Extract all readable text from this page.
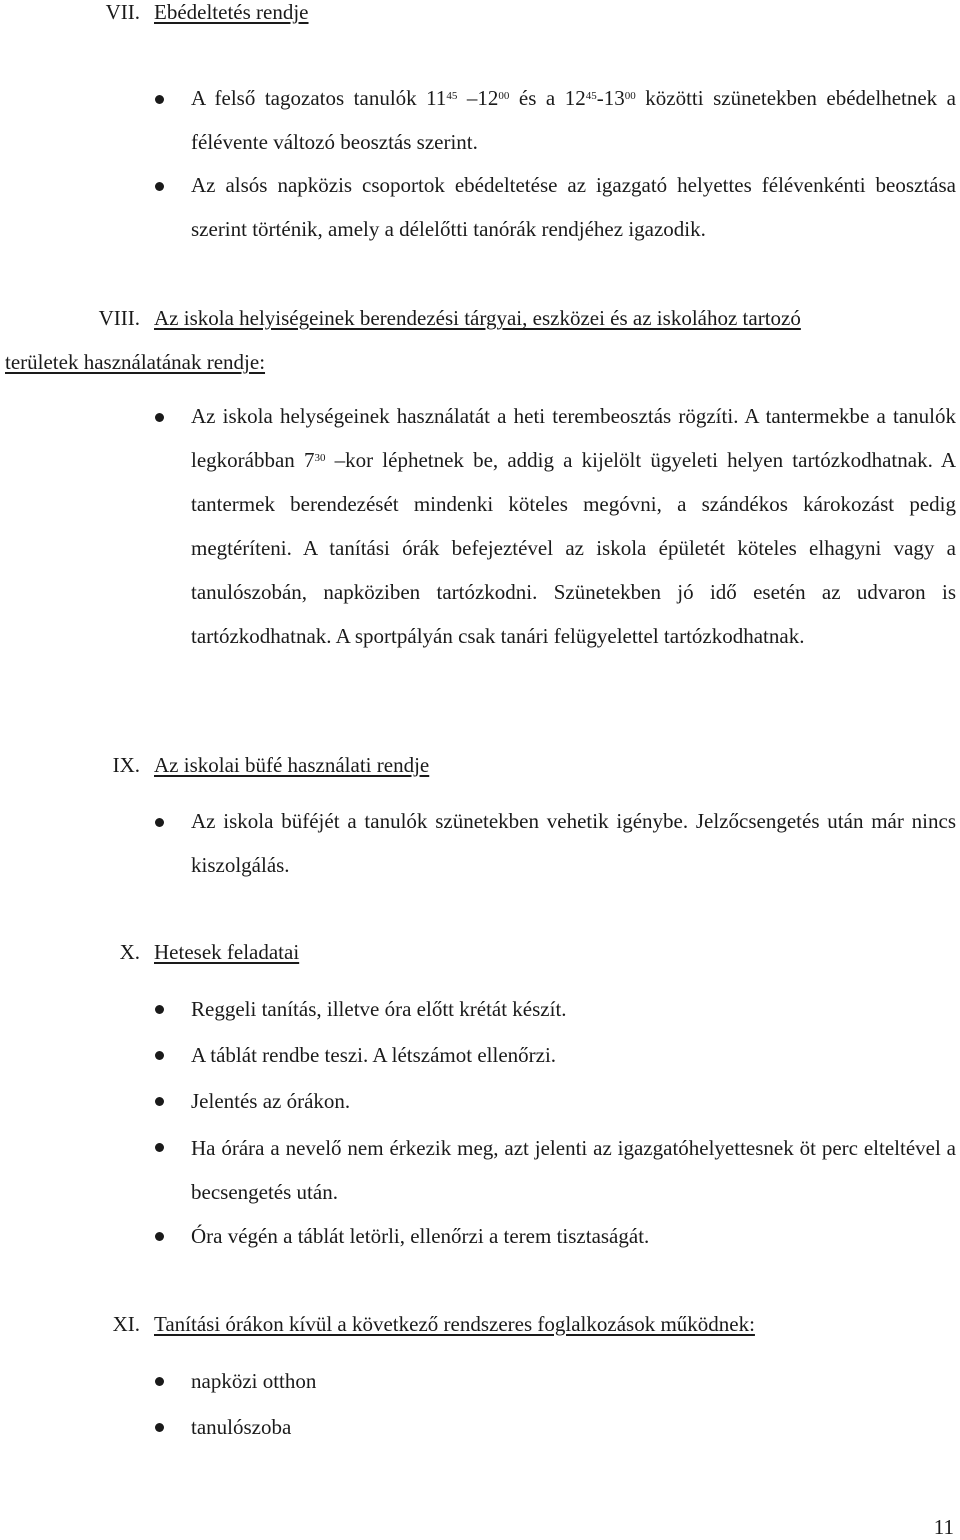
VII. Ebédeltetés rendje
A felső tagozatos tanulók $11^{45}$ $-12^{00}$ és a $12^{45}-13^{00}$ közötti szünetekben ebédelhetnek a félévente változó beosztás szerint.
Az alsós napközis csoportok ebédeltetése az igazgató helyettes félévenkénti beosztása szerint történik, amely a délelőtti tanórák rendjéhez igazodik.
VIII. Az iskola helyiségeinek berendezési tárgyai, eszközei és az iskolához tartozó
területek használatának rendje:
Az iskola helységeinek használatát a heti terembeosztás rögzíti. A tantermekbe a tanulók legkorábban $7^{30}$ –kor léphetnek be, addig a kijelölt ügyeleti helyen tartózkodhatnak. A tantermek berendezését mindenki köteles megóvni, a szándékos károkozást pedig megtéríteni. A tanítási órák befejeztével az iskola épületét köteles elhagyni vagy a tanulószobán, napköziben tartózkodni. Szünetekben jó idő esetén az udvaron is tartózkodhatnak. A sportpályán csak tanári felügyelettel tartózkodhatnak.
IX. Az iskolai büfé használati rendje
Az iskola büféjét a tanulók szünetekben vehetik igénybe. Jelzőcsengetés után már nincs kiszolgálás.
X. Hetesek feladatai
Reggeli tanítás, illetve óra előtt krétát készít.
A táblát rendbe teszi. A létszámot ellenőrzi.
Jelentés az órákon.
Ha órára a nevelő nem érkezik meg, azt jelenti az igazgatóhelyettesnek öt perc elteltével a becsengetés után.
Óra végén a táblát letörli, ellenőrzi a terem tisztaságát.
XI. Tanítási órákon kívül a következő rendszeres foglalkozások működnek:
napközi otthon
tanulószoba
11
